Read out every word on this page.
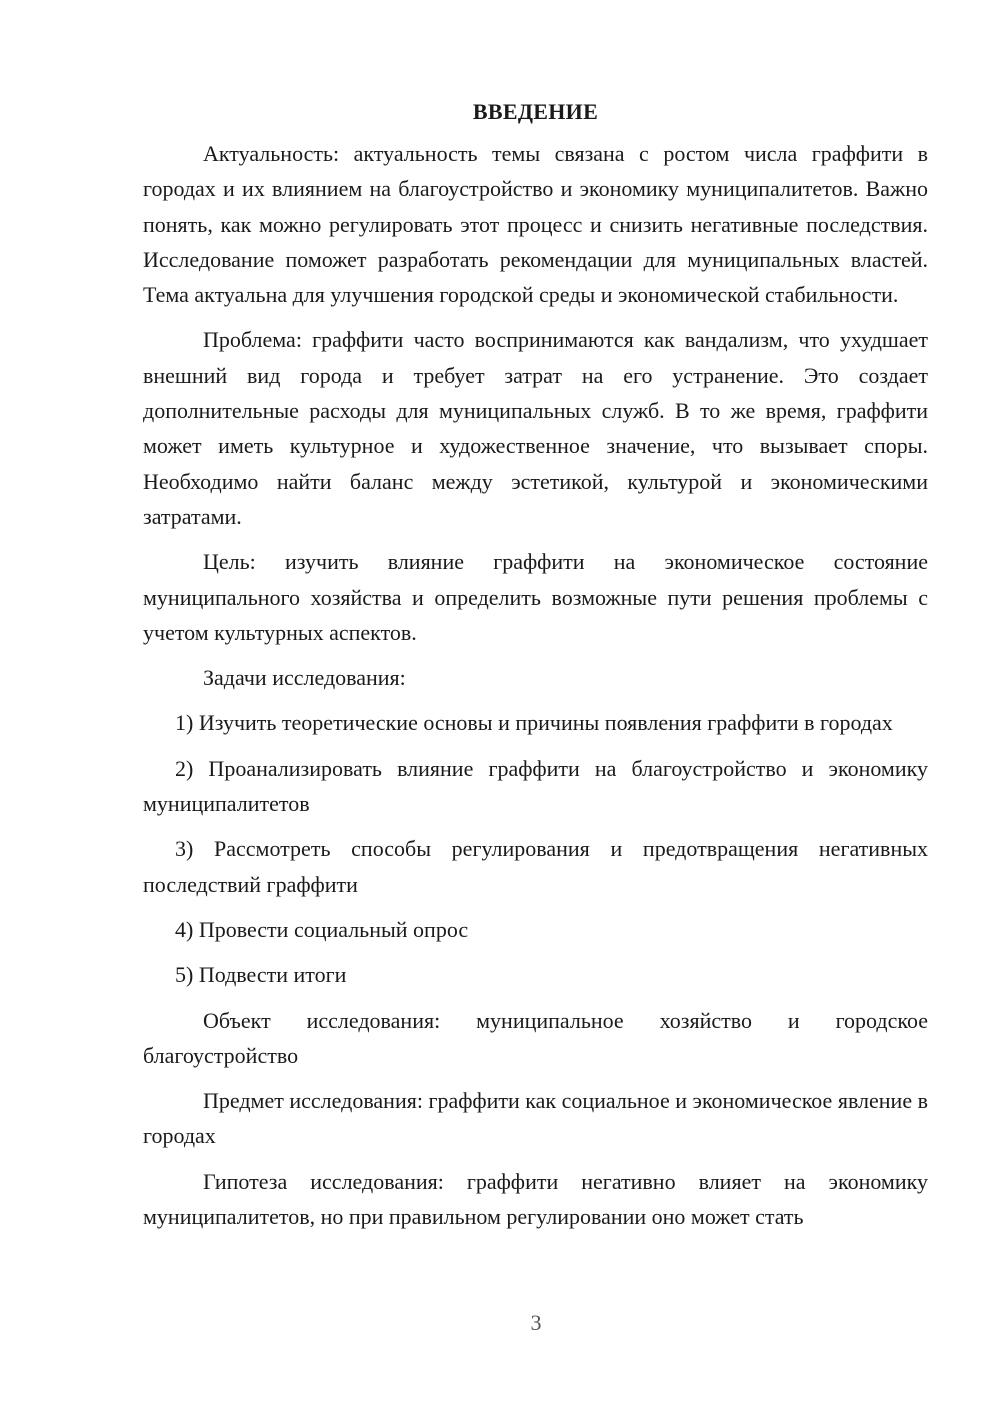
ВВЕДЕНИЕ

Актуальность: актуальность темы связана с ростом числа граффити в городах и их влиянием на благоустройство и экономику муниципалитетов. Важно понять, как можно регулировать этот процесс и снизить негативные последствия. Исследование поможет разработать рекомендации для муниципальных властей. Тема актуальна для улучшения городской среды и экономической стабильности.

Проблема: граффити часто воспринимаются как вандализм, что ухудшает внешний вид города и требует затрат на его устранение. Это создает дополнительные расходы для муниципальных служб. В то же время, граффити может иметь культурное и художественное значение, что вызывает споры. Необходимо найти баланс между эстетикой, культурой и экономическими затратами.

Цель: изучить влияние граффити на экономическое состояние муниципального хозяйства и определить возможные пути решения проблемы с учетом культурных аспектов.

Задачи исследования:

1) Изучить теоретические основы и причины появления граффити в городах

2) Проанализировать влияние граффити на благоустройство и экономику муниципалитетов

3) Рассмотреть способы регулирования и предотвращения негативных последствий граффити

4) Провести социальный опрос

5) Подвести итоги

Объект исследования: муниципальное хозяйство и городское благоустройство

Предмет исследования: граффити как социальное и экономическое явление в городах

Гипотеза исследования: граффити негативно влияет на экономику муниципалитетов, но при правильном регулировании оно может стать

3
